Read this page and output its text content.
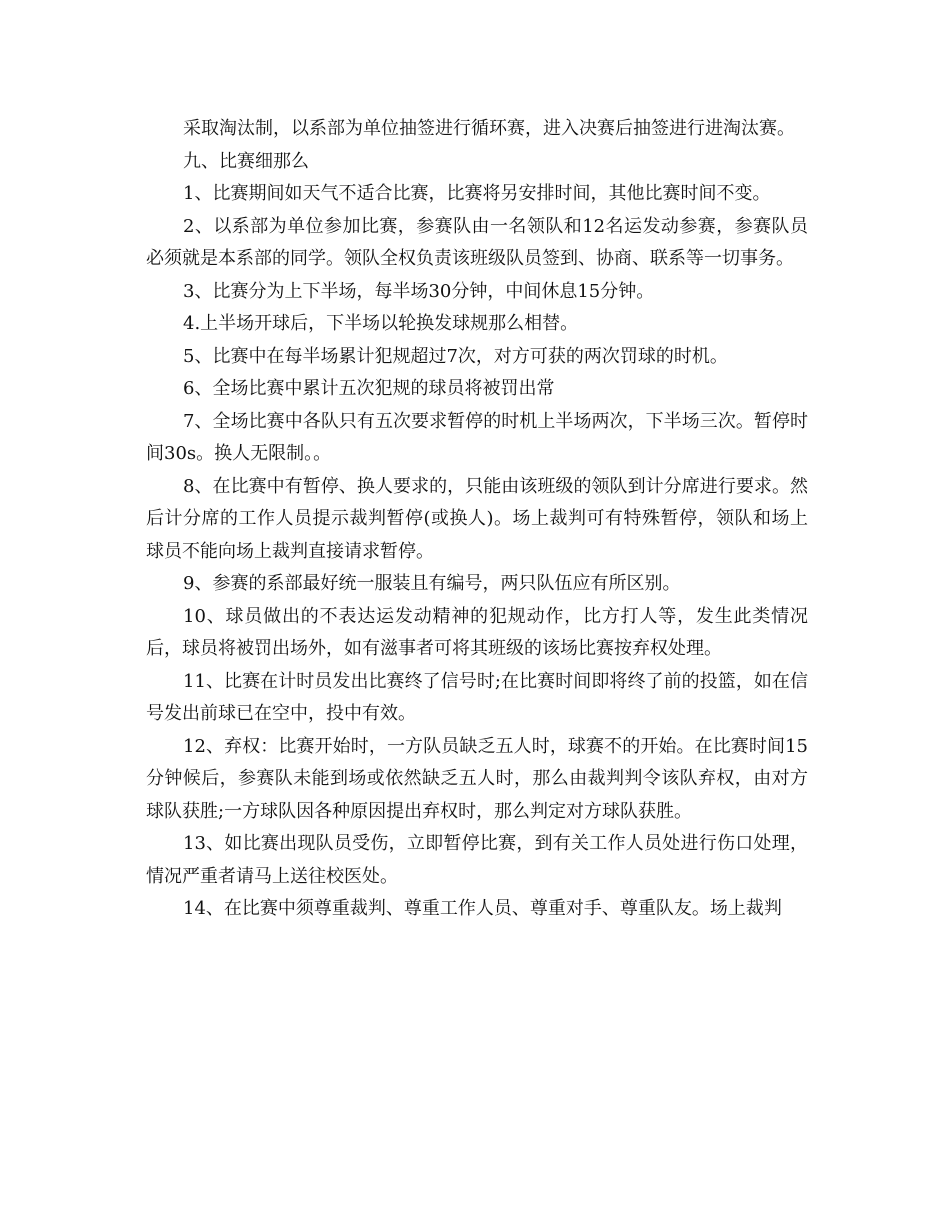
采取淘汰制，以系部为单位抽签进行循环赛，进入决赛后抽签进行进淘汰赛。

九、比赛细那么

1、比赛期间如天气不适合比赛，比赛将另安排时间，其他比赛时间不变。

2、以系部为单位参加比赛，参赛队由一名领队和12名运发动参赛，参赛队员必须就是本系部的同学。领队全权负责该班级队员签到、协商、联系等一切事务。

3、比赛分为上下半场，每半场30分钟，中间休息15分钟。

4.上半场开球后，下半场以轮换发球规那么相替。

5、比赛中在每半场累计犯规超过7次，对方可获的两次罚球的时机。

6、全场比赛中累计五次犯规的球员将被罚出常

7、全场比赛中各队只有五次要求暂停的时机上半场两次，下半场三次。暂停时间30s。换人无限制。。

8、在比赛中有暂停、换人要求的，只能由该班级的领队到计分席进行要求。然后计分席的工作人员提示裁判暂停(或换人)。场上裁判可有特殊暂停，领队和场上球员不能向场上裁判直接请求暂停。

9、参赛的系部最好统一服装且有编号，两只队伍应有所区别。

10、球员做出的不表达运发动精神的犯规动作，比方打人等，发生此类情况后，球员将被罚出场外，如有滋事者可将其班级的该场比赛按弃权处理。

11、比赛在计时员发出比赛终了信号时;在比赛时间即将终了前的投篮，如在信号发出前球已在空中，投中有效。

12、弃权：比赛开始时，一方队员缺乏五人时，球赛不的开始。在比赛时间15分钟候后，参赛队未能到场或依然缺乏五人时，那么由裁判判令该队弃权，由对方球队获胜;一方球队因各种原因提出弃权时，那么判定对方球队获胜。

13、如比赛出现队员受伤，立即暂停比赛，到有关工作人员处进行伤口处理，情况严重者请马上送往校医处。

14、在比赛中须尊重裁判、尊重工作人员、尊重对手、尊重队友。场上裁判
